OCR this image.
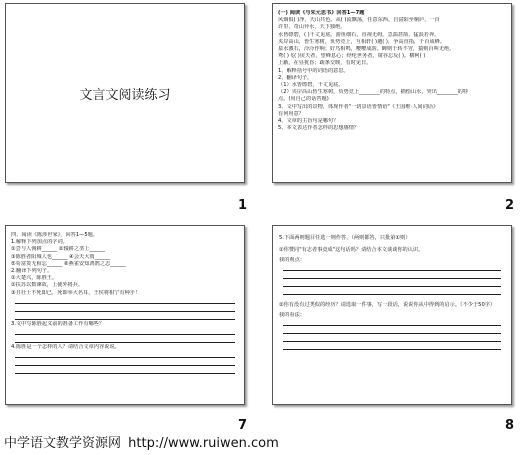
文言文阅读练习
1
(一) 阅读《与朱元思书》回答1—7题
风烟俱( )净，天山共色。从( )流飘荡，任意东西。自富阳至桐庐，一百
许里，奇山异水，天下独绝。
水皆缥碧，( )千丈见底。游鱼细石，直视无碍。急湍甚箭，猛浪若奔。
夹岸高山，皆生寒树，负势竞上，互相轩( )邈( )，争高直指，千百成峰。
泉水激石，泠泠作响；好鸟相鸣，嘤嘤成韵。蝉则千转不穷，猿则百叫无绝。
鸢( )飞( )戾天者，望峰息心；经纶世务者，窥谷忘反( )。横柯( )
上蔽，在昼犹昏；疏条交映，有时见日。
1、解释括号中的词语的意思。
2、翻译句子。
（1）水皆缥碧，千丈见底。
（2）夹岸高山皆生寒树，负势竞上________的特点，描绘山水，突出________的特
点。(用自己的话答题)
3、文中写出的景物，体现作者"一切景语皆情语"《王国维·人间词话》
有何用意？
4、文章的主旨句是哪句？
5、本文表达作者怎样的思想感情？
2
四、阅读《陈涉世家》，回答1—5题。
1.解释下列加点的字词。
①尝与人佣耕______ ②辍耕之垄上______
③陈胜者阳城人也______ ④会天大雨______
⑤苟富贵无相忘______ ⑥燕雀安知鸿鹄之志______
2.翻译下列句子。
①大楚兴，陈胜王。
②扶苏以数谏故，上使外将兵。
③且壮士不死即已，死即举大名耳，王侯将相宁有种乎！
3.文中写陈胜起义前的准备工作有哪些？
4.陈胜是一个怎样的人？请结合文章内容说说。
7
5.下面两则题目任选一则作答。（两则都答，只批第①则）
①你赞同"有志者事竟成"这句话吗？请结合本文谈谈你的认识。
我的观点：
②你有没有过类似的经历？请选取一件事，写一段话，说说你从中得到的启示。（不少于50字）
我的看法：
8
中学语文教学资源网 http://www.ruiwen.com
